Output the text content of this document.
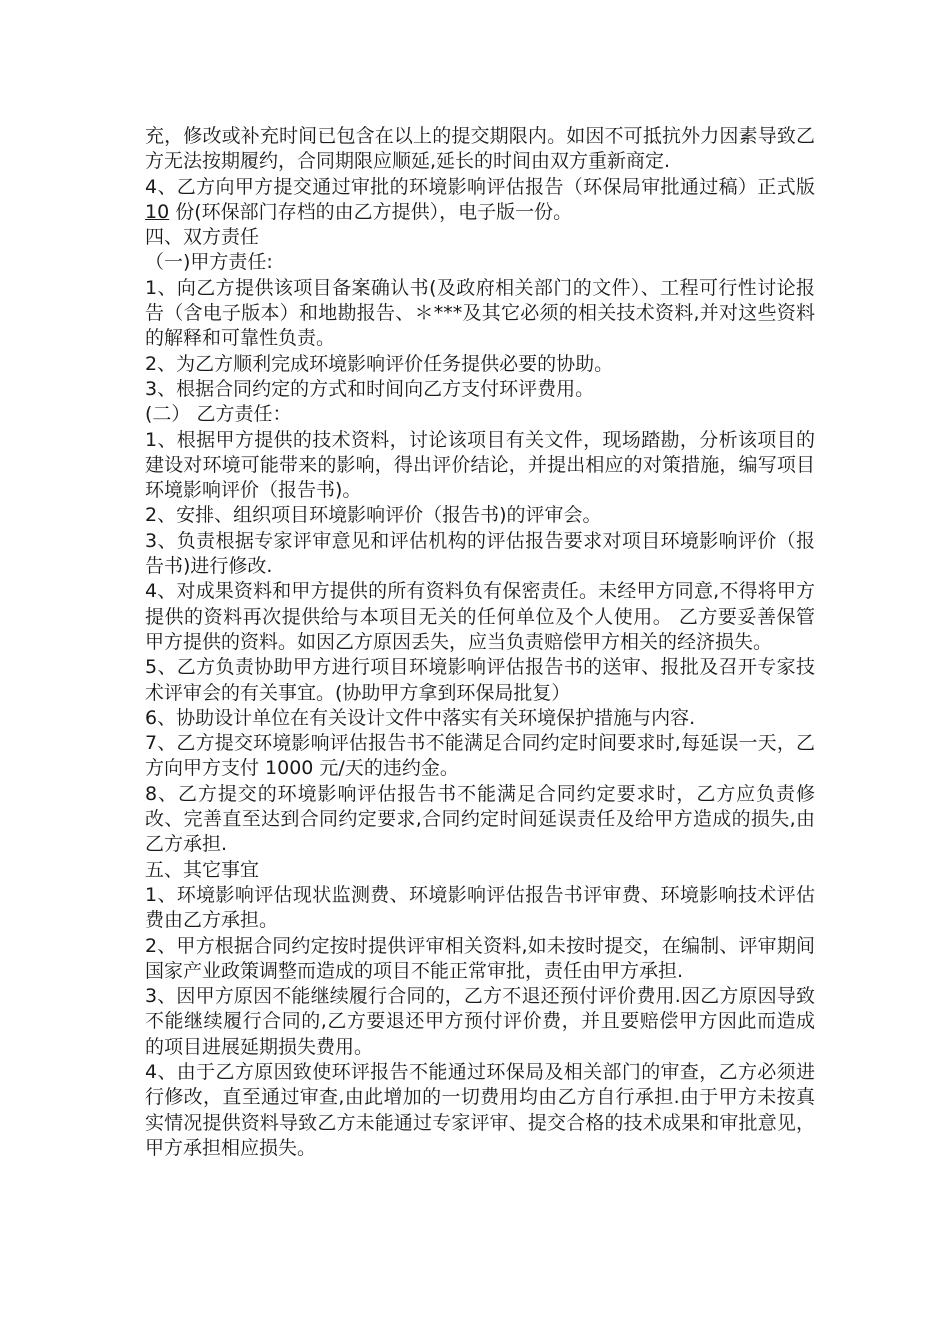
充，修改或补充时间已包含在以上的提交期限内。如因不可抵抗外力因素导致乙方无法按期履约，合同期限应顺延,延长的时间由双方重新商定.

4、乙方向甲方提交通过审批的环境影响评估报告（环保局审批通过稿）正式版 10 份(环保部门存档的由乙方提供），电子版一份。

四、双方责任

（一)甲方责任:

1、向乙方提供该项目备案确认书(及政府相关部门的文件）、工程可行性讨论报告（含电子版本）和地勘报告、＊***及其它必须的相关技术资料,并对这些资料的解释和可靠性负责。

2、为乙方顺利完成环境影响评价任务提供必要的协助。

3、根据合同约定的方式和时间向乙方支付环评费用。

(二） 乙方责任：

1、根据甲方提供的技术资料，讨论该项目有关文件，现场踏勘，分析该项目的建设对环境可能带来的影响，得出评价结论，并提出相应的对策措施，编写项目环境影响评价（报告书)。

2、安排、组织项目环境影响评价（报告书)的评审会。

3、负责根据专家评审意见和评估机构的评估报告要求对项目环境影响评价（报告书)进行修改.

4、对成果资料和甲方提供的所有资料负有保密责任。未经甲方同意,不得将甲方提供的资料再次提供给与本项目无关的任何单位及个人使用。 乙方要妥善保管甲方提供的资料。如因乙方原因丢失，应当负责赔偿甲方相关的经济损失。

5、乙方负责协助甲方进行项目环境影响评估报告书的送审、报批及召开专家技术评审会的有关事宜。(协助甲方拿到环保局批复）

6、协助设计单位在有关设计文件中落实有关环境保护措施与内容.

7、乙方提交环境影响评估报告书不能满足合同约定时间要求时,每延误一天，乙方向甲方支付 1000 元/天的违约金。

8、乙方提交的环境影响评估报告书不能满足合同约定要求时，乙方应负责修改、完善直至达到合同约定要求,合同约定时间延误责任及给甲方造成的损失,由乙方承担.

五、其它事宜

1、环境影响评估现状监测费、环境影响评估报告书评审费、环境影响技术评估费由乙方承担。

2、甲方根据合同约定按时提供评审相关资料,如未按时提交，在编制、评审期间国家产业政策调整而造成的项目不能正常审批，责任由甲方承担.

3、因甲方原因不能继续履行合同的，乙方不退还预付评价费用.因乙方原因导致不能继续履行合同的,乙方要退还甲方预付评价费，并且要赔偿甲方因此而造成的项目进展延期损失费用。

4、由于乙方原因致使环评报告不能通过环保局及相关部门的审查，乙方必须进行修改，直至通过审查,由此增加的一切费用均由乙方自行承担.由于甲方未按真实情况提供资料导致乙方未能通过专家评审、提交合格的技术成果和审批意见，甲方承担相应损失。
